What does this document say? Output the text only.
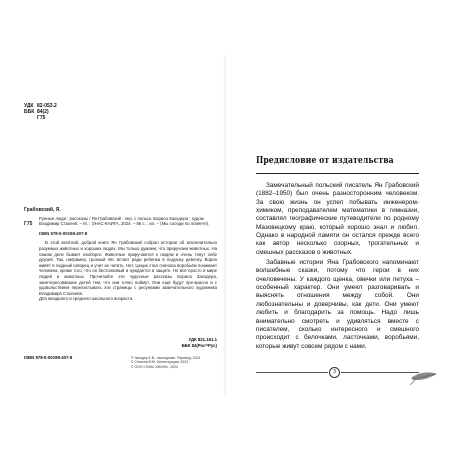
УДК 82-053.2
ББК 84(2)
Г75
Грабовский, Я.
Г75
Рунные люди : рассказы / Ян Грабовский ; пер. с польск. Бориса Заходера ; худож. Владимир Стахеев. – М. : ЭНАС-КНИГА, 2024. – 86 с. : ил. – (Мы соседи по планете).
ISBN 978-5-00198-407-8
В этой весёлой, доброй книге Ян Грабовский собрал истории об исключительно разумных животных и хороших людях. Мы только думаем, что приручаем животных. На самом деле бывает наоборот. Животные приручаются к людям и очень тянут себе друзей. Так, например, грозный пёс встает ради ребёнка в подушку девочку. Ворон живёт в людный скворец и учит их читать. Нет, Цецик стал сначала воробьём понимает человека, кроме того, что он бестолковый и нуждается в защите. Не всё просто в мире людей и животных. Прочитайте эти чудесные рассказы Бориса Заходера, заинтересовавшие детей тем, что они точно поймут. Они ещё будут пре-красно и с удовольствием перелистывать эти страницы с рисунками замечательного художника Владимира Стахеева.
Для младшего и среднего школьного возраста.
УДК 821.161.1
ББК 84(Рос=Рус)
ISBN 978-5-00198-407-8	© Заходер Б.В., наследники. Перевод, 2024
© Стахеев В.Ю. Иллюстрации, 2024
© ООО «ЭНАС-КНИГА», 2024
Предисловие от издательства

Замечательный польский писатель Ян Грабовский (1882–1950) был очень разносторонним человеком. За свою жизнь он успел побывать инженером-химиком, преподавателем математики в гимназии, составлял географические путеводители по родному Мазовецкому краю, который хорошо знал и любил. Однако в народной памяти он остался прежде всего как автор несколько озорных, трогательных и смешных рассказов о животных.

Забавные истории Яна Грабовского напоминают волшебные сказки, потому что герои в них очеловечены. У каждого щенка, овечки или петуха – особенный характер. Они умеют разговаривать и выяснять отношения между собой. Они любознательны и доверчивы, как дети. Они умеют любить и благодарить за помощь. Надо лишь внимательно смотреть и удивляться вместе с писателем, сколько интересного и смешного происходит с белочками, ласточками, воробьями, которые живут совсем рядом с нами.

3
